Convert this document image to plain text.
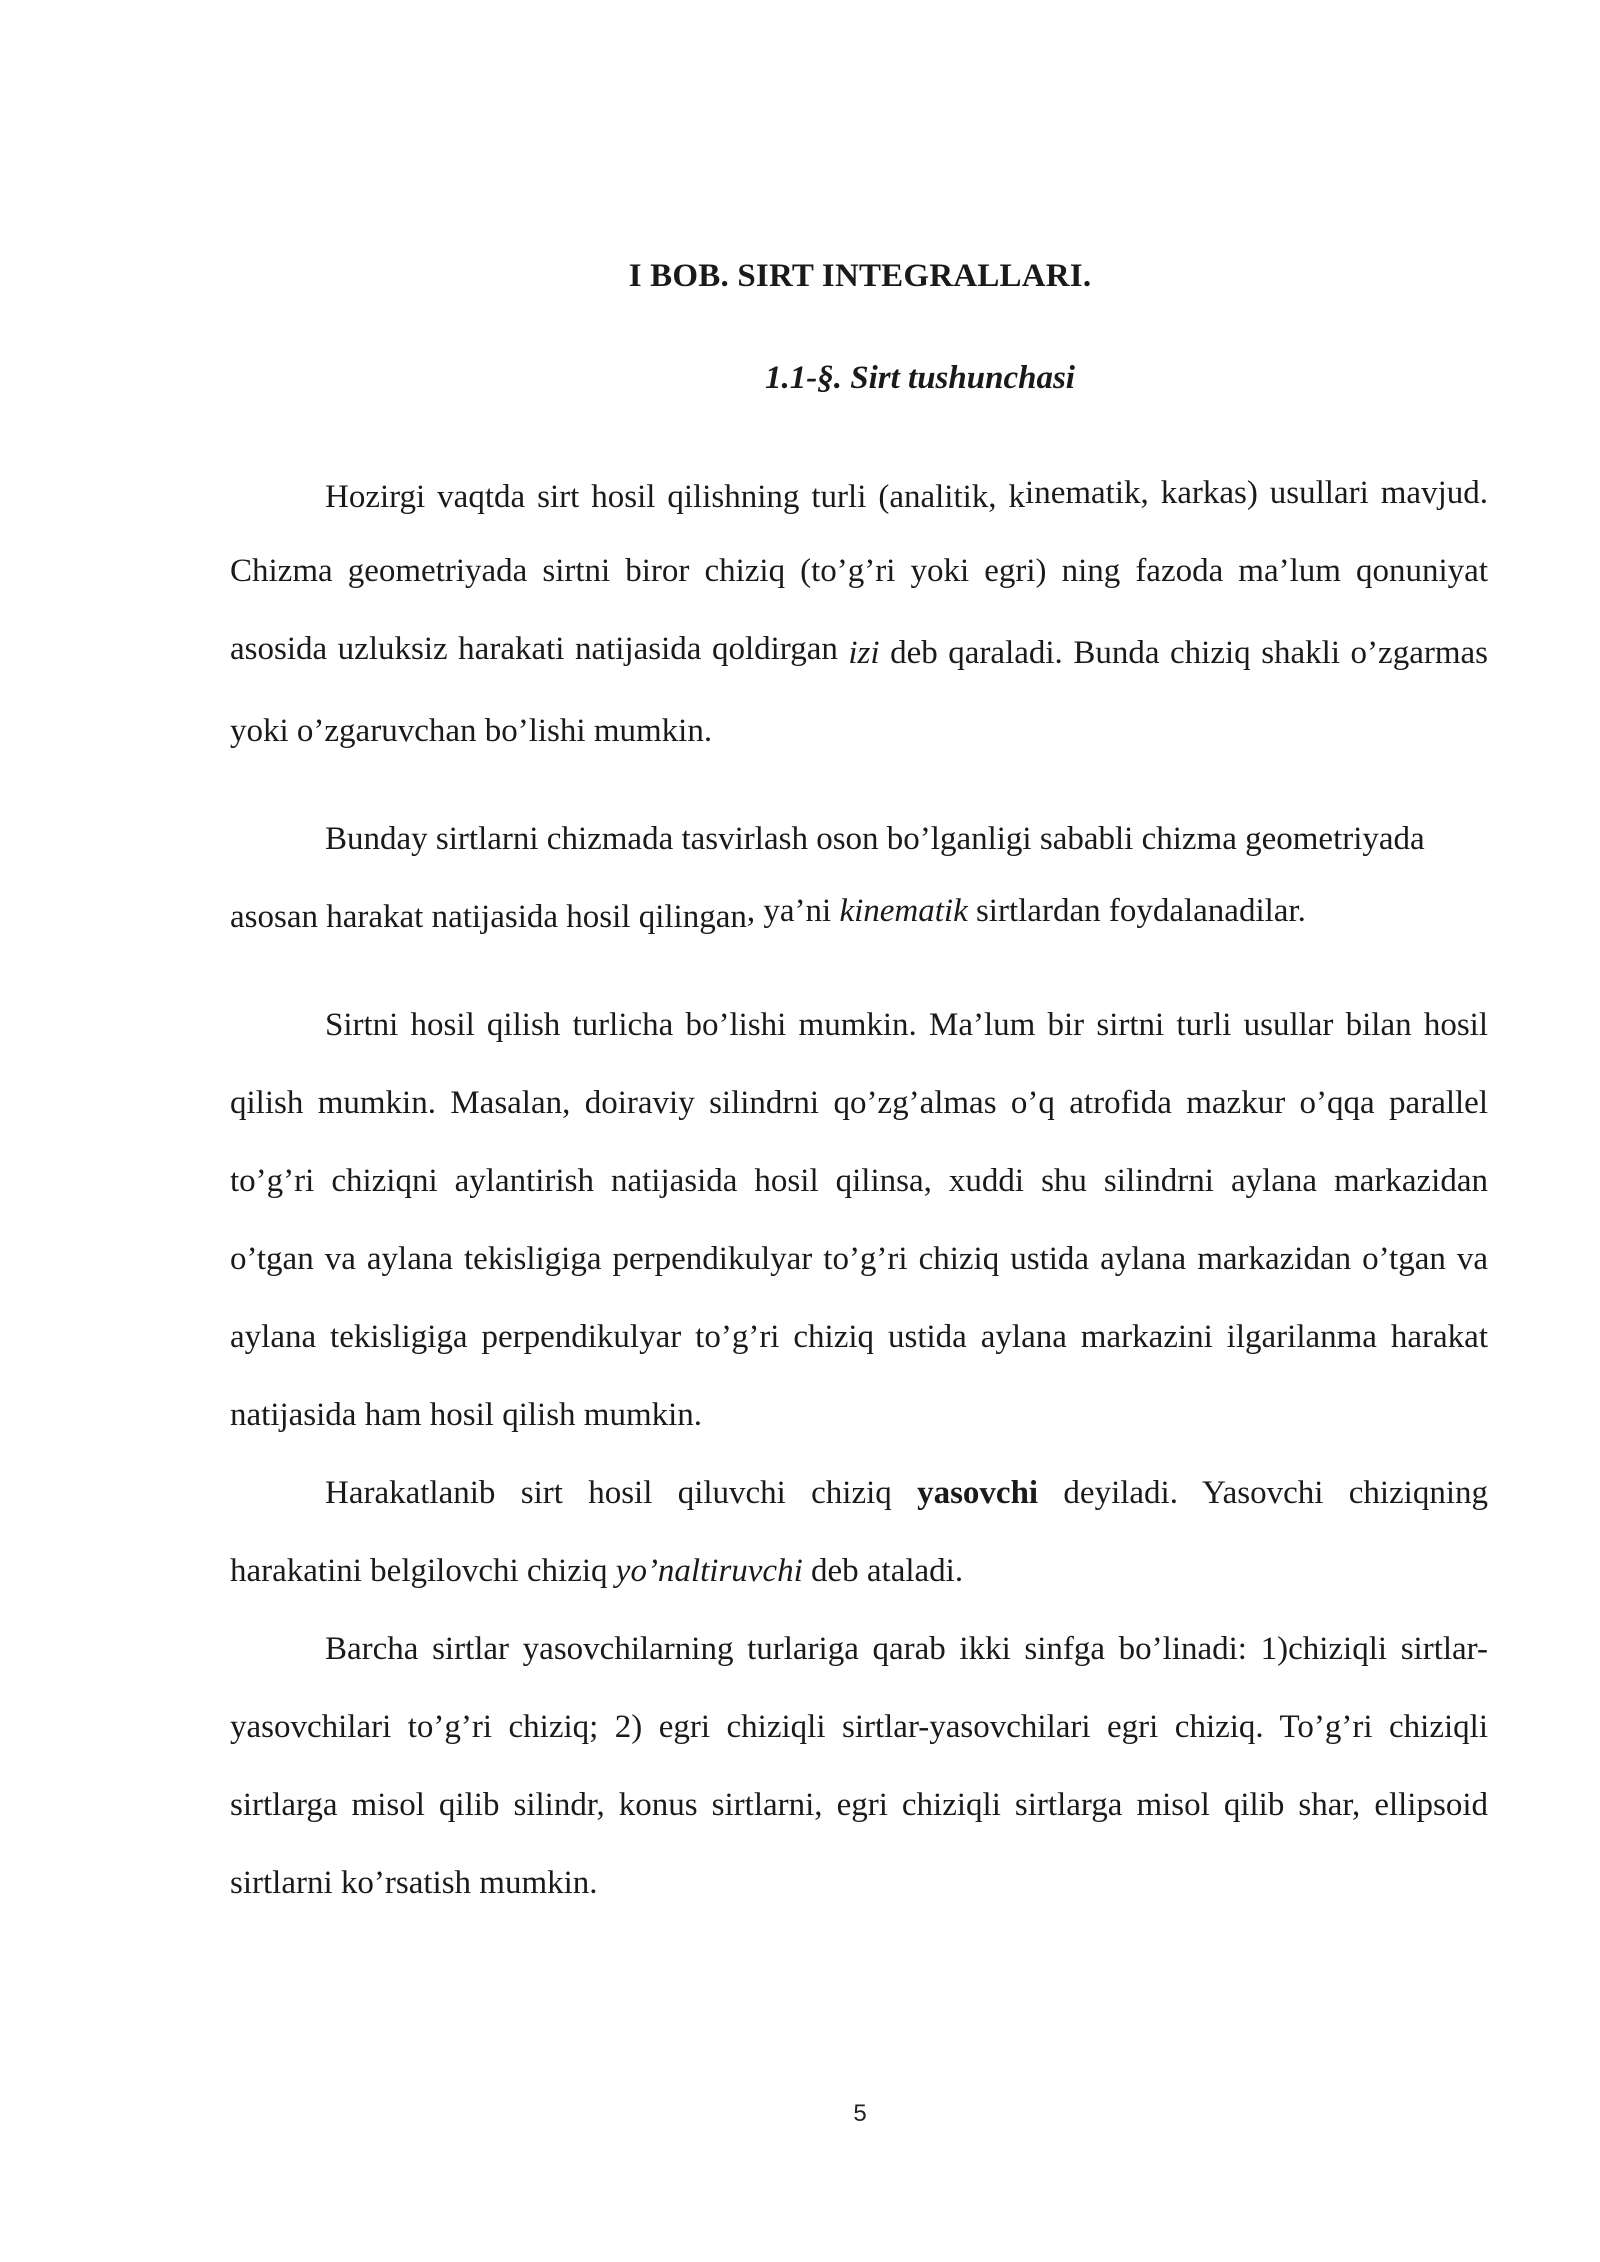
I BOB. SIRT INTEGRALLARI.
1.1-§. Sirt tushunchasi

Hozirgi vaqtda sirt hosil qilishning turli (analitik, kinematik, karkas) usullari mavjud. Chizma geometriyada sirtni biror chiziq (to’g’ri yoki egri) ning fazoda ma’lum qonuniyat asosida uzluksiz harakati natijasida qoldirgan izi deb qaraladi. Bunda chiziq shakli o’zgarmas yoki o’zgaruvchan bo’lishi mumkin.

Bunday sirtlarni chizmada tasvirlash oson bo’lganligi sababli chizma geometriyada asosan harakat natijasida hosil qilingan, ya’ni kinematik sirtlardan foydalanadilar.

Sirtni hosil qilish turlicha bo’lishi mumkin. Ma’lum bir sirtni turli usullar bilan hosil qilish mumkin. Masalan, doiraviy silindrni qo’zg’almas o’q atrofida mazkur o’qqa parallel to’g’ri chiziqni aylantirish natijasida hosil qilinsa, xuddi shu silindrni aylana markazidan o’tgan va aylana tekisligiga perpendikulyar to’g’ri chiziq ustida aylana markazidan o’tgan va aylana tekisligiga perpendikulyar to’g’ri chiziq ustida aylana markazini ilgarilanma harakat natijasida ham hosil qilish mumkin.

Harakatlanib sirt hosil qiluvchi chiziq yasovchi deyiladi. Yasovchi chiziqning harakatini belgilovchi chiziq yo’naltiruvchi deb ataladi.

Barcha sirtlar yasovchilarning turlariga qarab ikki sinfga bo’linadi: 1)chiziqli sirtlar-yasovchilari to’g’ri chiziq; 2) egri chiziqli sirtlar-yasovchilari egri chiziq. To’g’ri chiziqli sirtlarga misol qilib silindr, konus sirtlarni, egri chiziqli sirtlarga misol qilib shar, ellipsoid sirtlarni ko’rsatish mumkin.

5
